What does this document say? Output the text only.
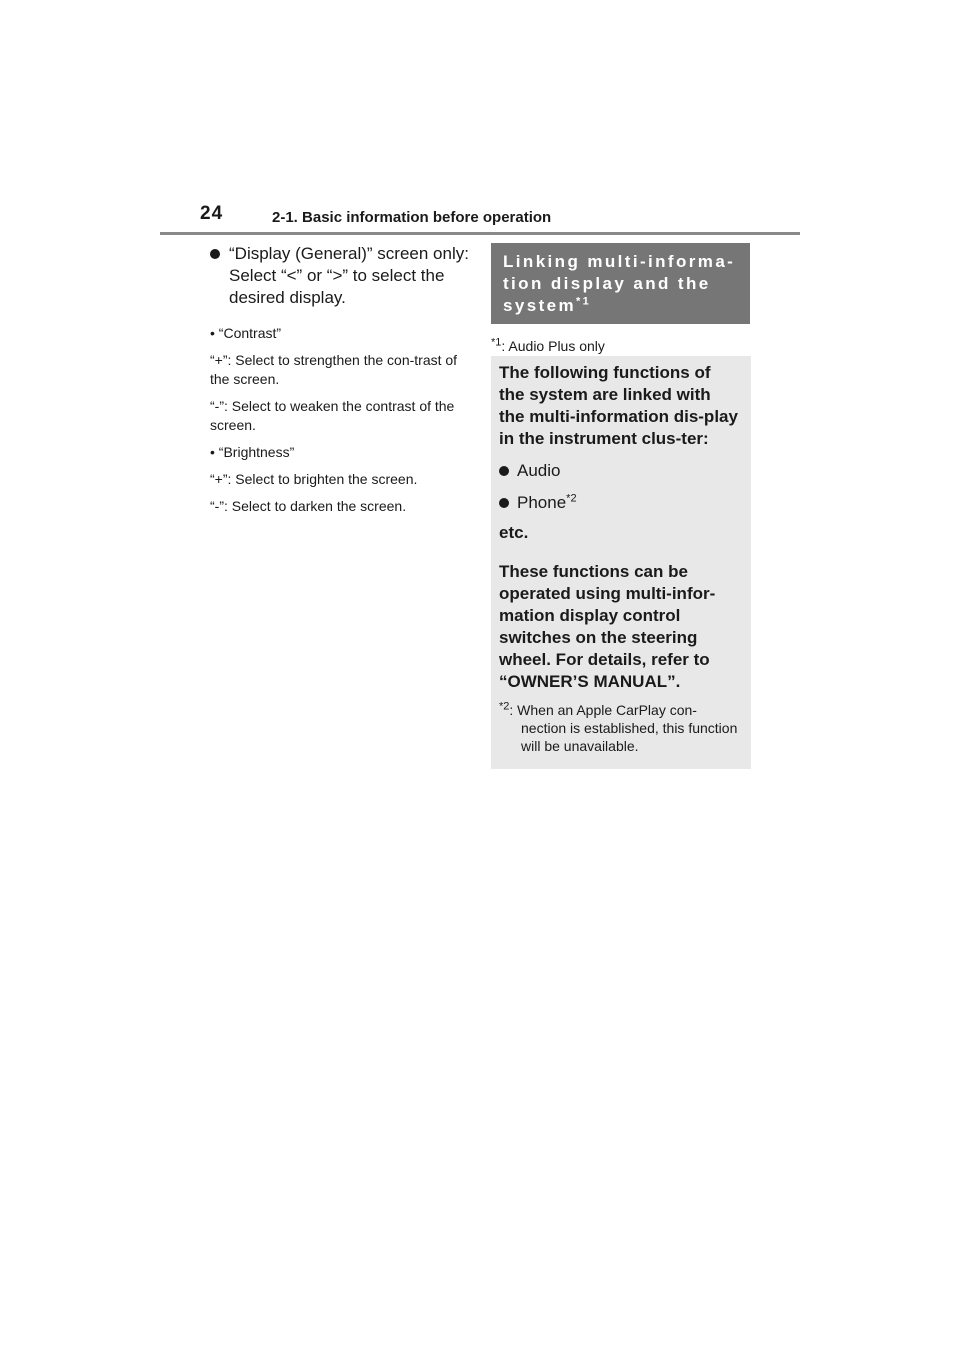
24	2-1. Basic information before operation
“Display (General)” screen only: Select “<” or “>” to select the desired display.

• “Contrast”

“+”: Select to strengthen the con-trast of the screen.

“-”: Select to weaken the contrast of the screen.

• “Brightness”

“+”: Select to brighten the screen.

“-”: Select to darken the screen.

Linking multi-informa-tion display and the system$^{*1}$
$^{*1}$: Audio Plus only

The following functions of the system are linked with the multi-information dis-play in the instrument clus-ter:

Audio
Phone$^{*2}$

etc.

These functions can be operated using multi-infor-mation display control switches on the steering wheel. For details, refer to “OWNER’S MANUAL”.

$^{*2}$: When an Apple CarPlay con-nection is established, this function will be unavailable.
